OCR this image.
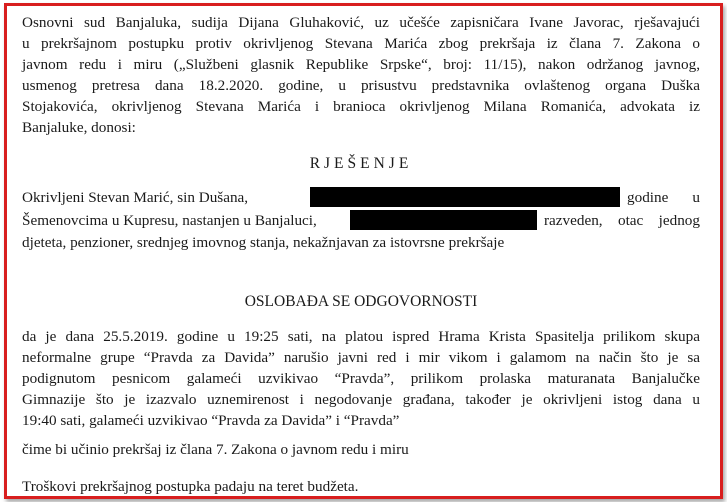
Osnovni sud Banjaluka, sudija Dijana Gluhaković, uz učešće zapisničara Ivane Javorac, rješavajući
u prekršajnom postupku protiv okrivljenog Stevana Marića zbog prekršaja iz člana 7. Zakona o
javnom redu i miru („Službeni glasnik Republike Srpske“, broj: 11/15), nakon održanog javnog,
usmenog pretresa dana 18.2.2020. godine, u prisustvu predstavnika ovlaštenog organa Duška
Stojakovića, okrivljenog Stevana Marića i branioca okrivljenog Milana Romanića, advokata iz
Banjaluke, donosi:
RJEŠENJE
Okrivljeni Stevan Marić, sin Dušana,	godine u
Šemenovcima u Kupresu, nastanjen u Banjaluci,	razveden, otac jednog
djeteta, penzioner, srednjeg imovnog stanja, nekažnjavan za istovrsne prekršaje
OSLOBAĐA SE ODGOVORNOSTI
da je dana 25.5.2019. godine u 19:25 sati, na platou ispred Hrama Krista Spasitelja prilikom skupa
neformalne grupe “Pravda za Davida” narušio javni red i mir vikom i galamom na način što je sa
podignutom pesnicom galameći uzvikivao “Pravda”, prilikom prolaska maturanata Banjalučke
Gimnazije što je izazvalo uznemirenost i negodovanje građana, također je okrivljeni istog dana u
19:40 sati, galameći uzvikivao “Pravda za Davida” i “Pravda”
čime bi učinio prekršaj iz člana 7. Zakona o javnom redu i miru
Troškovi prekršajnog postupka padaju na teret budžeta.
